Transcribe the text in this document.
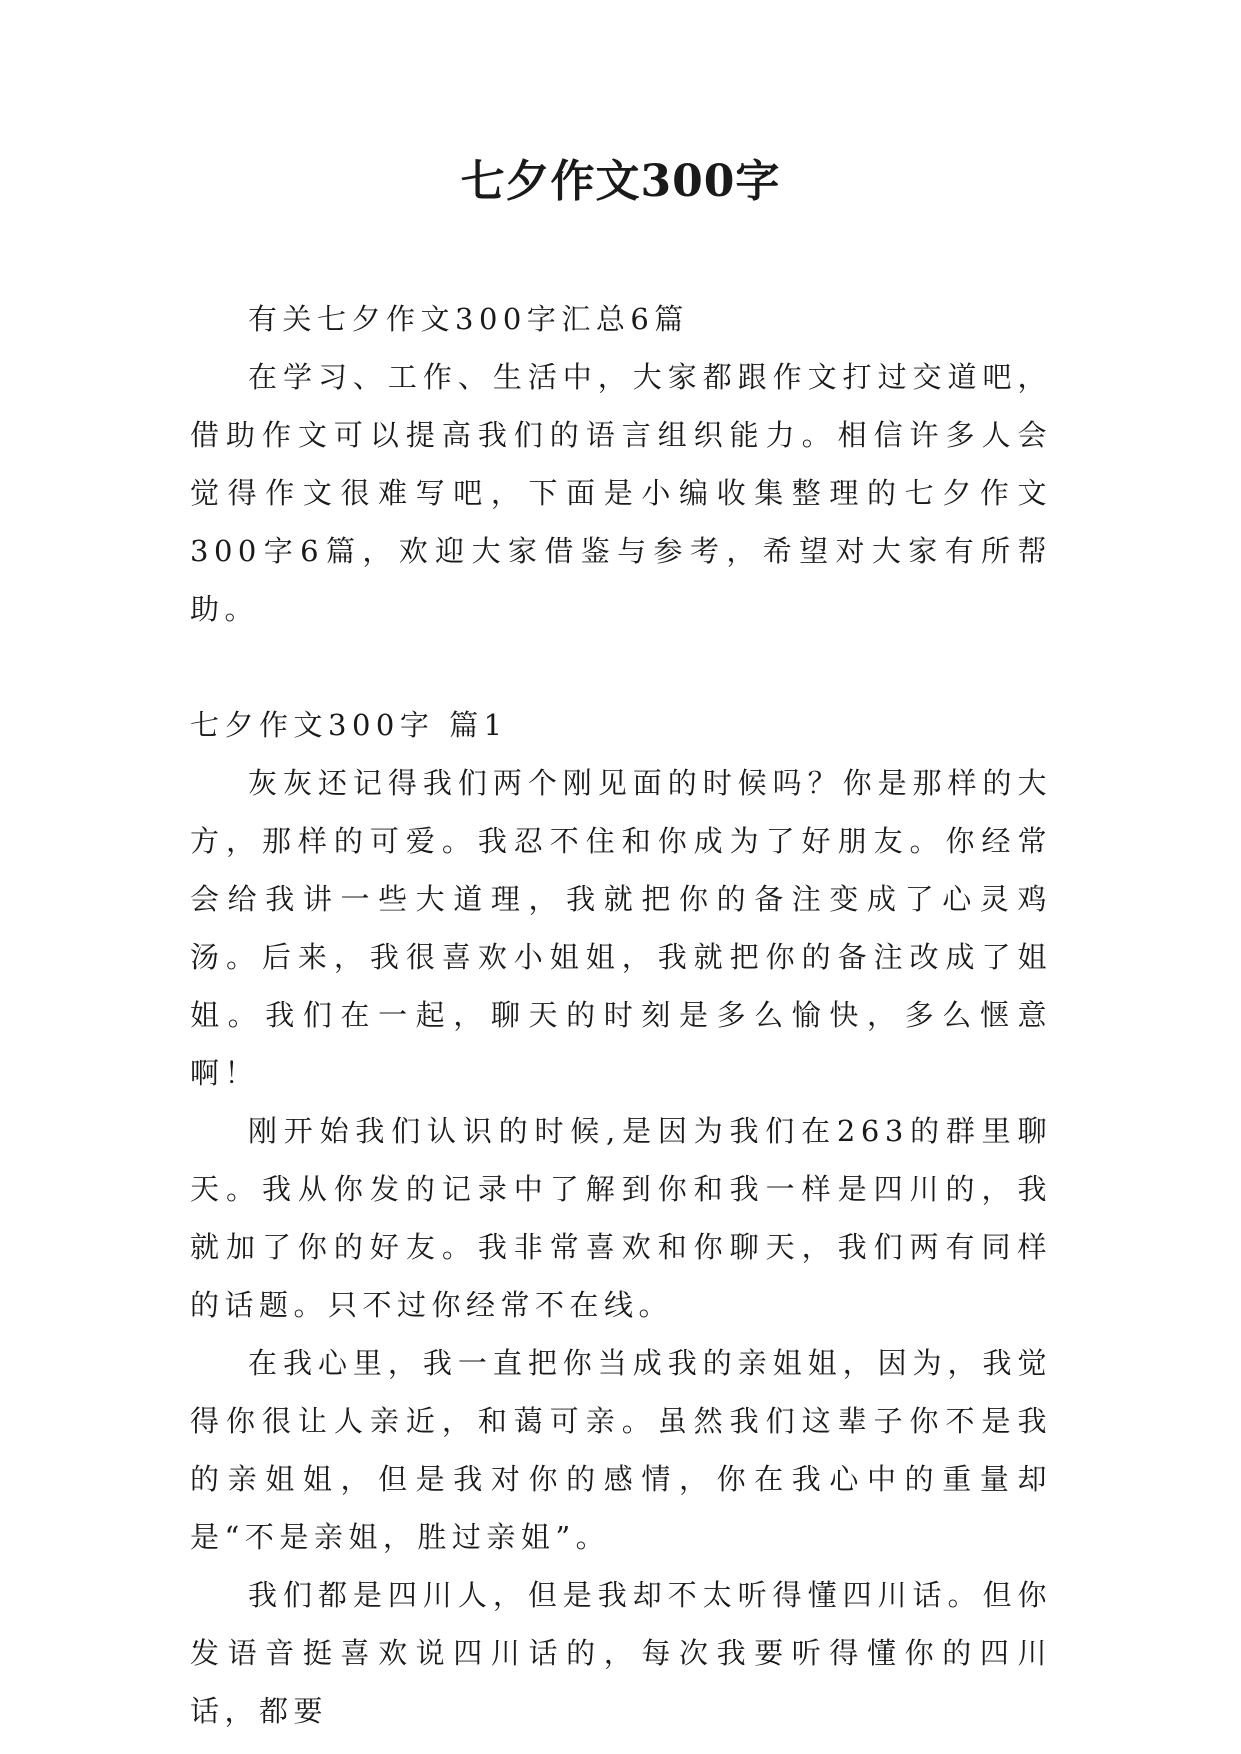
七夕作文300字

有关七夕作文300字汇总6篇

在学习、工作、生活中，大家都跟作文打过交道吧，借助作文可以提高我们的语言组织能力。相信许多人会觉得作文很难写吧，下面是小编收集整理的七夕作文300字6篇，欢迎大家借鉴与参考，希望对大家有所帮助。

七夕作文300字 篇1

灰灰还记得我们两个刚见面的时候吗？你是那样的大方，那样的可爱。我忍不住和你成为了好朋友。你经常会给我讲一些大道理，我就把你的备注变成了心灵鸡汤。后来，我很喜欢小姐姐，我就把你的备注改成了姐姐。我们在一起，聊天的时刻是多么愉快，多么惬意啊！

刚开始我们认识的时候,是因为我们在263的群里聊天。我从你发的记录中了解到你和我一样是四川的，我就加了你的好友。我非常喜欢和你聊天，我们两有同样的话题。只不过你经常不在线。

在我心里，我一直把你当成我的亲姐姐，因为，我觉得你很让人亲近，和蔼可亲。虽然我们这辈子你不是我的亲姐姐，但是我对你的感情，你在我心中的重量却是“不是亲姐，胜过亲姐”。

我们都是四川人，但是我却不太听得懂四川话。但你发语音挺喜欢说四川话的，每次我要听得懂你的四川话，都要
